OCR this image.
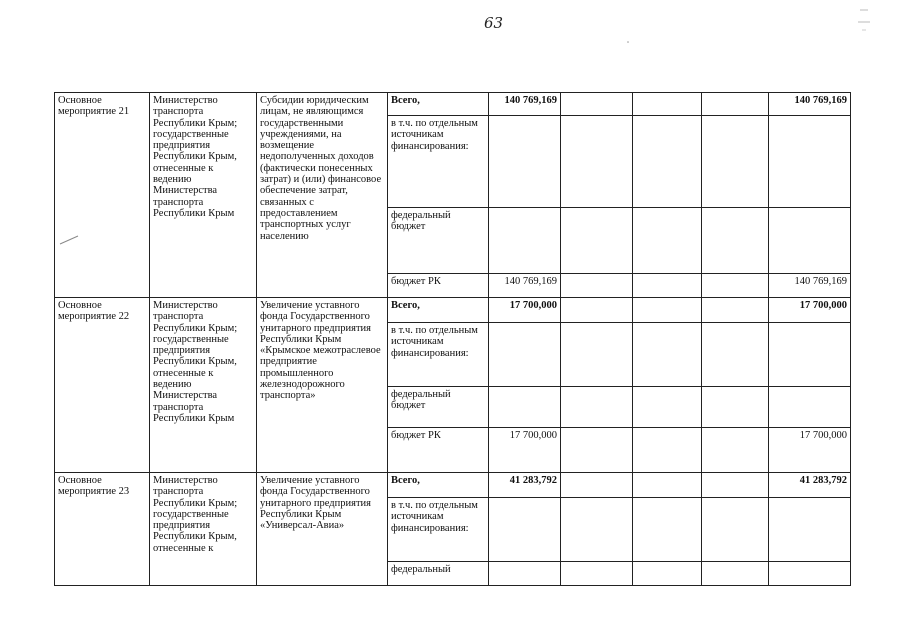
63
Основное мероприятие 21	Министерство транспорта Республики Крым; государственные предприятия Республики Крым, отнесенные к ведению Министерства транспорта Республики Крым	Субсидии юридическим лицам, не являющимся государственными учреждениями, на возмещение недополученных доходов (фактически понесенных затрат) и (или) финансовое обеспечение затрат, связанных с предоставлением транспортных услуг населению	Всего,	140 769,169				140 769,169
			в т.ч. по отдельным источникам финансирования:					
			федеральный бюджет					
			бюджет РК	140 769,169				140 769,169
Основное мероприятие 22	Министерство транспорта Республики Крым; государственные предприятия Республики Крым, отнесенные к ведению Министерства транспорта Республики Крым	Увеличение уставного фонда Государственного унитарного предприятия Республики Крым «Крымское межотраслевое предприятие промышленного железнодорожного транспорта»	Всего,	17 700,000				17 700,000
			в т.ч. по отдельным источникам финансирования:					
			федеральный бюджет					
			бюджет РК	17 700,000				17 700,000
Основное мероприятие 23	Министерство транспорта Республики Крым; государственные предприятия Республики Крым, отнесенные к	Увеличение уставного фонда Государственного унитарного предприятия Республики Крым «Универсал-Авиа»	Всего,	41 283,792				41 283,792
			в т.ч. по отдельным источникам финансирования:					
			федеральный					
